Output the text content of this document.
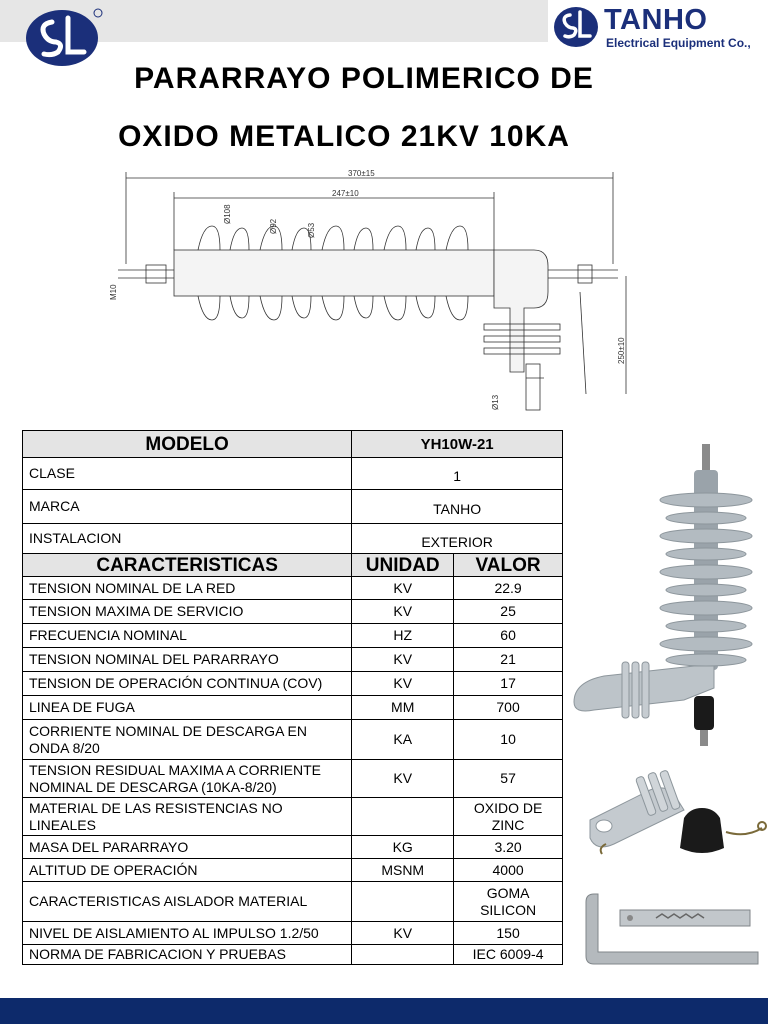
TANHO
Electrical Equipment Co.,
PARARRAYO POLIMERICO DE
OXIDO METALICO 21KV 10KA
370±15
247±10
Ø108
Ø92	Ø53
M10
250±10
Ø13
MODELO	YH10W-21	
CLASE	1	
MARCA	TANHO	
INSTALACION	EXTERIOR	
CARACTERISTICAS	UNIDAD	VALOR
TENSION NOMINAL DE LA RED	KV	22.9
TENSION MAXIMA DE SERVICIO	KV	25
FRECUENCIA NOMINAL	HZ	60
TENSION NOMINAL DEL PARARRAYO	KV	21
TENSION DE OPERACIÓN CONTINUA (COV)	KV	17
LINEA DE FUGA	MM	700
CORRIENTE NOMINAL DE DESCARGA EN ONDA 8/20	KA	10
TENSION RESIDUAL MAXIMA A CORRIENTE NOMINAL DE DESCARGA (10KA-8/20)	KV	57
MATERIAL DE LAS RESISTENCIAS NO LINEALES		OXIDO DE ZINC
MASA DEL PARARRAYO	KG	3.20
ALTITUD DE OPERACIÓN	MSNM	4000
CARACTERISTICAS AISLADOR MATERIAL		GOMA SILICON
NIVEL DE AISLAMIENTO AL IMPULSO 1.2/50	KV	150
NORMA DE FABRICACION Y PRUEBAS		IEC 6009-4
